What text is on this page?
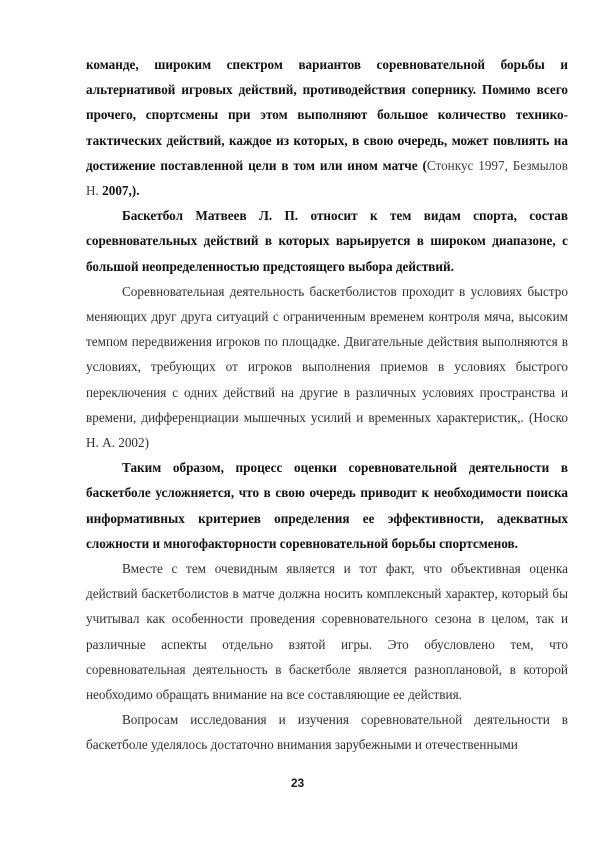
команде, широким спектром вариантов соревновательной борьбы и альтернативой игровых действий, противодействия сопернику. Помимо всего прочего, спортсмены при этом выполняют большое количество технико-тактических действий, каждое из которых, в свою очередь, может повлиять на достижение поставленной цели в том или ином матче (Стонкус 1997, Безмылов Н. 2007,).

Баскетбол Матвеев Л. П. относит к тем видам спорта, состав соревновательных действий в которых варьируется в широком диапазоне, с большой неопределенностью предстоящего выбора действий.

Соревновательная деятельность баскетболистов проходит в условиях быстро меняющих друг друга ситуаций с ограниченным временем контроля мяча, высоким темпом передвижения игроков по площадке. Двигательные действия выполняются в условиях, требующих от игроков выполнения приемов в условиях быстрого переключения с одних действий на другие в различных условиях пространства и времени, дифференциации мышечных усилий и временных характеристик,. (Носко Н. А. 2002)

Таким образом, процесс оценки соревновательной деятельности в баскетболе усложняется, что в свою очередь приводит к необходимости поиска информативных критериев определения ее эффективности, адекватных сложности и многофакторности соревновательной борьбы спортсменов.

Вместе с тем очевидным является и тот факт, что объективная оценка действий баскетболистов в матче должна носить комплексный характер, который бы учитывал как особенности проведения соревновательного сезона в целом, так и различные аспекты отдельно взятой игры. Это обусловлено тем, что соревновательная деятельность в баскетболе является разноплановой, в которой необходимо обращать внимание на все составляющие ее действия.

Вопросам исследования и изучения соревновательной деятельности в баскетболе уделялось достаточно внимания зарубежными и отечественными

23
